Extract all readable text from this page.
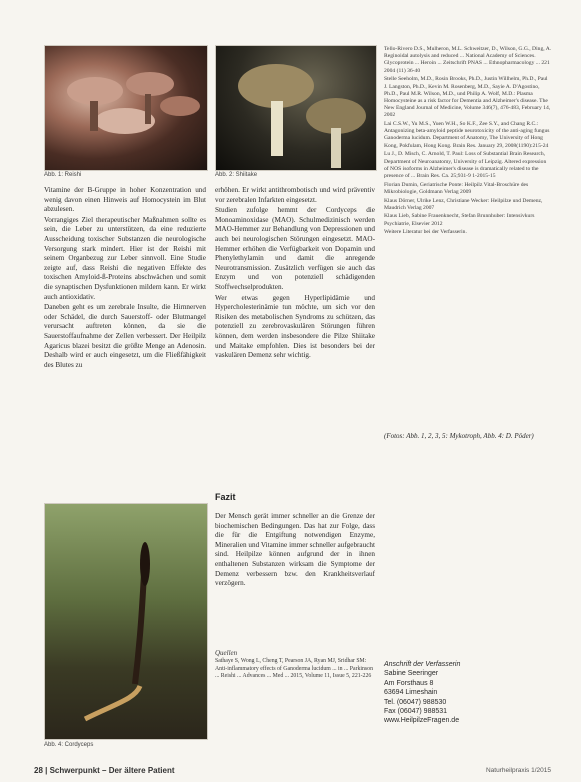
Abb. 1: Reishi	Abb. 2: Shiitake
Abb. 4: Cordyceps

Vitamine der B-Gruppe in hoher Konzentration und wenig davon einen Hinweis auf Homocystein im Blut abzulesen.

Vorrangiges Ziel therapeutischer Maßnahmen sollte es sein, die Leber zu unterstützen, da eine reduzierte Ausscheidung toxischer Substanzen die neurologische Versorgung stark mindert. Hier ist der Reishi mit seinem Organbezug zur Leber sinnvoll. Eine Studie zeigte auf, dass Reishi die negativen Effekte des toxischen Amyloid-ß-Proteins abschwächen und somit die synaptischen Dysfunktionen mildern kann. Er wirkt auch antioxidativ.

Daneben geht es um zerebrale Insulte, die Hirnnerven oder Schädel, die durch Sauerstoff- oder Blutmangel verursacht auftreten können, da sie die Sauerstoffaufnahme der Zellen verbessert. Der Heilpilz Agaricus blazei besitzt die größte Menge an Adenosin. Deshalb wird er auch eingesetzt, um die Fließfähigkeit des Blutes zu

erhöhen. Er wirkt antithrombotisch und wird präventiv vor zerebralen Infarkten eingesetzt.

Studien zufolge hemmt der Cordyceps die Monoaminoxidase (MAO). Schulmedizinisch werden MAO-Hemmer zur Behandlung von Depressionen und auch bei neurologischen Störungen eingesetzt. MAO-Hemmer erhöhen die Verfügbarkeit von Dopamin und Phenylethylamin und damit die anregende Neurotransmission. Zusätzlich verfügen sie auch das Enzym und von potenziell schädigenden Stoffwechselprodukten.

Wer etwas gegen Hyperlipidämie und Hypercholesterinämie tun möchte, um sich vor den Risiken des metabolischen Syndroms zu schützen, das potenziell zu zerebrovaskulären Störungen führen können, dem werden insbesondere die Pilze Shiitake und Maitake empfohlen. Dies ist besonders bei der vaskulären Demenz sehr wichtig.

Fazit

Der Mensch gerät immer schneller an die Grenze der biochemischen Bedingungen. Das hat zur Folge, dass die für die Entgiftung notwendigen Enzyme, Mineralien und Vitamine immer schneller aufgebraucht sind. Heilpilze können aufgrund der in ihnen enthaltenen Substanzen wirksam die Symptome der Demenz verbessern bzw. den Krankheitsverlauf verzögern.

Quellen
Sathaye S, Wong L, Cheng T, Pearson JA, Ryan MJ, Sridhar SM: Anti-inflammatory effects of Ganoderma lucidum ... in ... Parkinson ... Reishi ... Advances ... Med ... 2015, Volume 11, Issue 5, 221-226

Tello-Rivero D.S., Mulheron, M.L. Schweitzer, D., Wilson, G.G., Ding, A. Reginoidal autolysis and reduced ... National Academy of Sciences. Glycoprotein ... Heroin ... Zeitschrift PNAS ... Ethnopharmacology ... 221 2004 (11) 36-40

Stelle Seeholm, M.D., Rosin Brooks, Ph.D., Justin Willhelm, Ph.D., Paul J. Langston, Ph.D., Kevin M. Rosenberg, M.D., Sayie A. D'Agostino, Ph.D., Paul M.R. Wilson, M.D., und Philip A. Wolf, M.D.: Plasma Homocysteine as a risk factor for Dementia and Alzheimer's disease. The New England Journal of Medicine, Volume 346(7), 476-483, February 14, 2002

Lai C.S.W., Yu M.S., Yuen W.H., So K.F., Zee S.Y., and Chang R.C.: Antagonizing beta-amyloid peptide neurotoxicity of the anti-aging fungus Ganoderma lucidum. Department of Anatomy, The University of Hong Kong, Pokfulam, Hong Kong. Brain Res. January 29, 2008(1190):215-24

Lu J., D. Misch, C. Arnold, T. Paul: Loss of Substantial Brain Research, Department of Neuroanatomy, University of Leipzig. Altered expression of NOS isoforms in Alzheimer's disease is dramatically related to the presence of ... Brain Res. Ca. 25;931-9 1-2015-15

Florian Dumin, Geriatrische Ponte: Heilpilz Vital-Broschüre des Mikrobiologie, Goldmann Verlag 2009

Klaus Dörner, Ulrike Lenz, Christiane Wecker: Heilpilze und Demenz, Maudrich Verlag 2007

Klaus Lieb, Sabine Frauenknecht, Stefan Brunnhuber: Intensivkurs Psychiatrie, Elsevier 2012

Weitere Literatur bei der Verfasserin.

(Fotos: Abb. 1, 2, 3, 5: Mykotroph, Abb. 4: D. Pöder)
Anschrift der Verfasserin
Sabine Seeringer
Am Forsthaus 8
63694 Limeshain
Tel. (06047) 988530
Fax (06047) 988531
www.HeilpilzeFragen.de
28 | Schwerpunkt – Der ältere Patient	Naturheilpraxis 1/2015
